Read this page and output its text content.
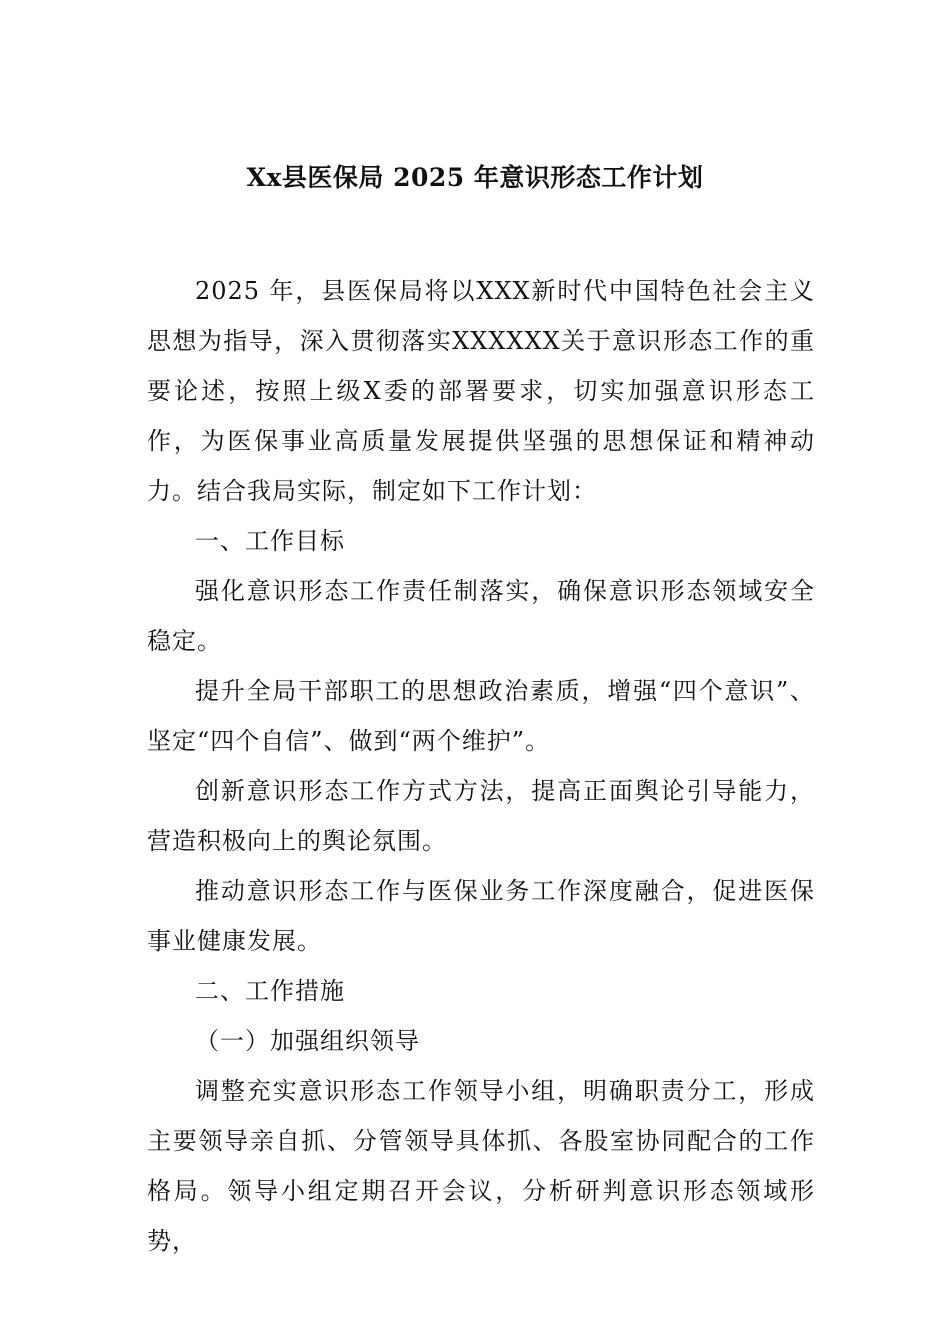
Xx县医保局 2025 年意识形态工作计划

2025 年，县医保局将以XXX新时代中国特色社会主义思想为指导，深入贯彻落实XXXXXX关于意识形态工作的重要论述，按照上级X委的部署要求，切实加强意识形态工作，为医保事业高质量发展提供坚强的思想保证和精神动力。结合我局实际，制定如下工作计划：

一、工作目标

强化意识形态工作责任制落实，确保意识形态领域安全稳定。

提升全局干部职工的思想政治素质，增强“四个意识”、坚定“四个自信”、做到“两个维护”。

创新意识形态工作方式方法，提高正面舆论引导能力，营造积极向上的舆论氛围。

推动意识形态工作与医保业务工作深度融合，促进医保事业健康发展。

二、工作措施

（一）加强组织领导

调整充实意识形态工作领导小组，明确职责分工，形成主要领导亲自抓、分管领导具体抓、各股室协同配合的工作格局。领导小组定期召开会议，分析研判意识形态领域形势，
